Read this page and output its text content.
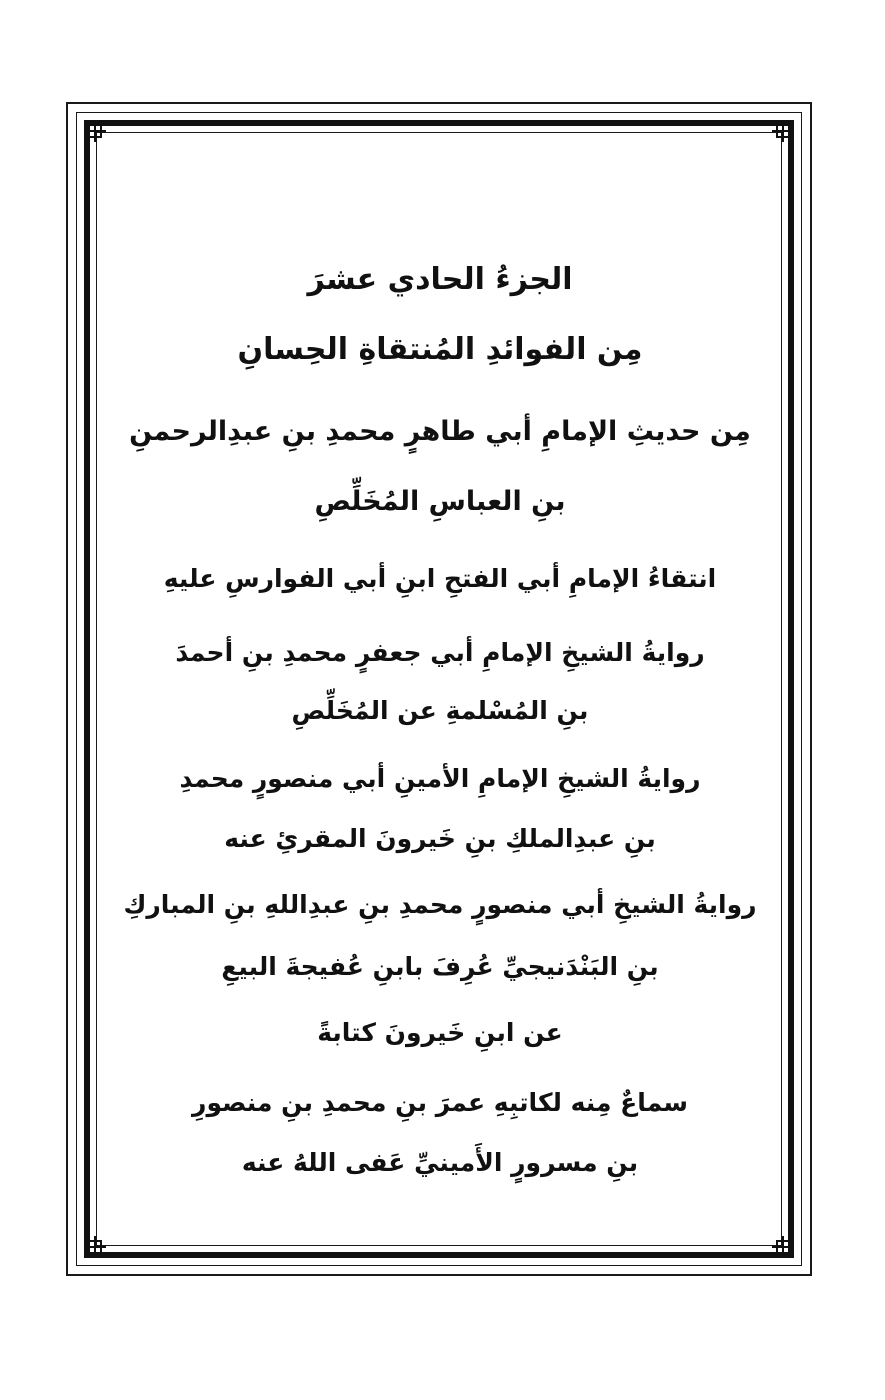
الجزءُ الحادي عشرَ
مِن الفوائدِ المُنتقاةِ الحِسانِ
مِن حديثِ الإمامِ أبي طاهرٍ محمدِ بنِ عبدِالرحمنِ
بنِ العباسِ المُخَلِّصِ
انتقاءُ الإمامِ أبي الفتحِ ابنِ أبي الفوارسِ عليهِ
روايةُ الشيخِ الإمامِ أبي جعفرٍ محمدِ بنِ أحمدَ
بنِ المُسْلمةِ عن المُخَلِّصِ
روايةُ الشيخِ الإمامِ الأمينِ أبي منصورٍ محمدِ
بنِ عبدِالملكِ بنِ خَيرونَ المقرئِ عنه
روايةُ الشيخِ أبي منصورٍ محمدِ بنِ عبدِاللهِ بنِ المباركِ
بنِ البَنْدَنيجيِّ عُرِفَ بابنِ عُفيجةَ البيعِ
عن ابنِ خَيرونَ كتابةً
سماعٌ مِنه لكاتبِهِ عمرَ بنِ محمدِ بنِ منصورِ
بنِ مسرورٍ الأَمينيِّ عَفى اللهُ عنه
